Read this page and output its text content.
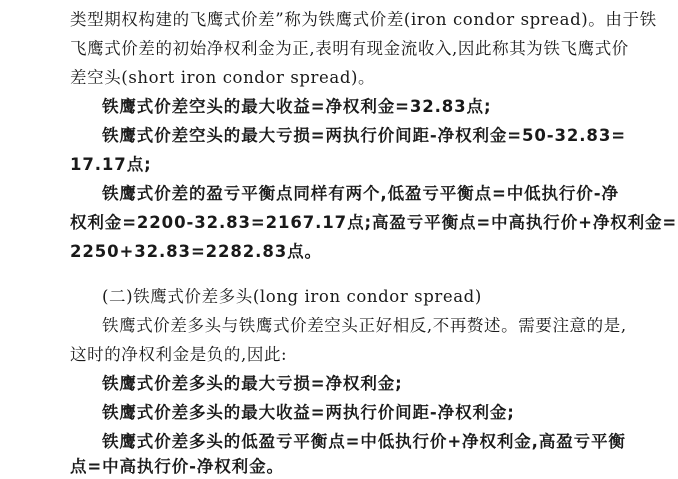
类型期权构建的飞鹰式价差”称为铁鹰式价差(iron condor spread)。由于铁
飞鹰式价差的初始净权利金为正,表明有现金流收入,因此称其为铁飞鹰式价
差空头(short iron condor spread)。
铁鹰式价差空头的最大收益=净权利金=32.83点;
铁鹰式价差空头的最大亏损=两执行价间距-净权利金=50-32.83=
17.17点;
铁鹰式价差的盈亏平衡点同样有两个,低盈亏平衡点=中低执行价-净
权利金=2200-32.83=2167.17点;高盈亏平衡点=中高执行价+净权利金=
2250+32.83=2282.83点。
(二)铁鹰式价差多头(long iron condor spread)
铁鹰式价差多头与铁鹰式价差空头正好相反,不再赘述。需要注意的是,
这时的净权利金是负的,因此:
铁鹰式价差多头的最大亏损=净权利金;
铁鹰式价差多头的最大收益=两执行价间距-净权利金;
铁鹰式价差多头的低盈亏平衡点=中低执行价+净权利金,高盈亏平衡
点=中高执行价-净权利金。
